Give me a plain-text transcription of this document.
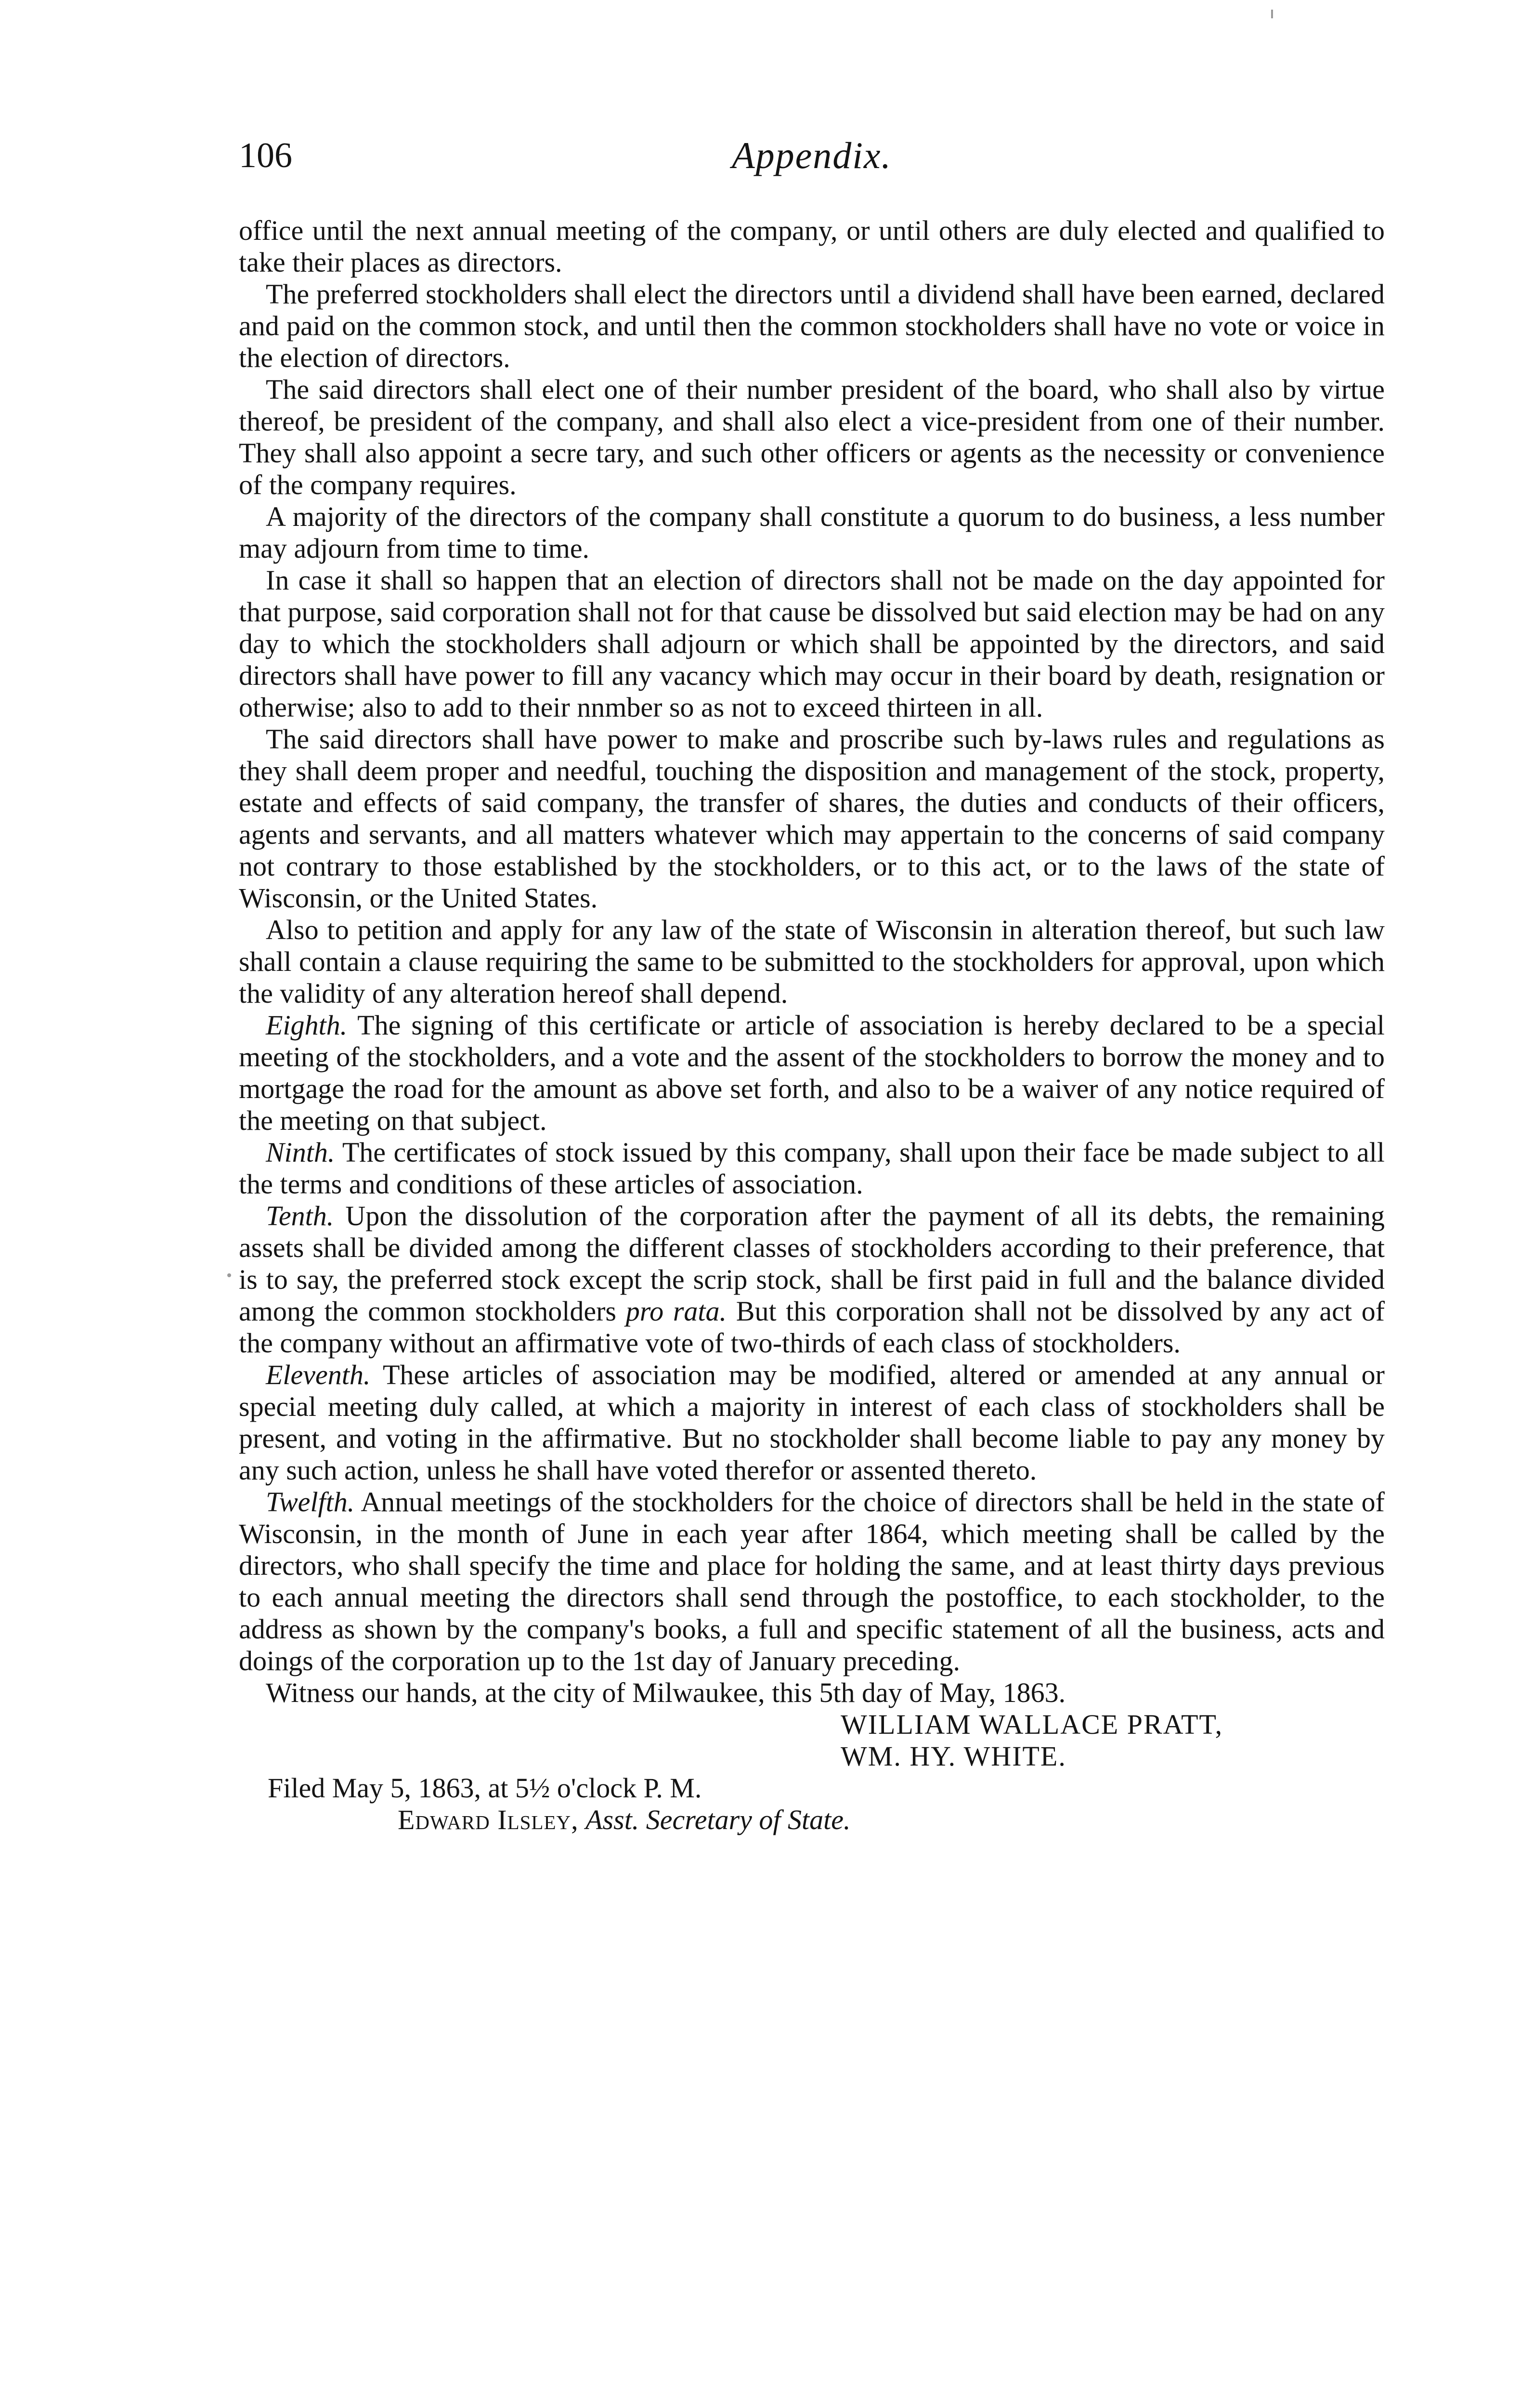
106	Appendix.

office until the next annual meeting of the company, or until others are duly elected and qualified to take their places as directors.

The preferred stockholders shall elect the directors until a dividend shall have been earned, declared and paid on the common stock, and until then the common stockholders shall have no vote or voice in the election of directors.

The said directors shall elect one of their number president of the board, who shall also by virtue thereof, be president of the company, and shall also elect a vice-president from one of their number. They shall also appoint a secre tary, and such other officers or agents as the necessity or convenience of the company requires.

A majority of the directors of the company shall constitute a quorum to do business, a less number may adjourn from time to time.

In case it shall so happen that an election of directors shall not be made on the day appointed for that purpose, said corporation shall not for that cause be dissolved but said election may be had on any day to which the stockholders shall adjourn or which shall be appointed by the directors, and said directors shall have power to fill any vacancy which may occur in their board by death, resignation or otherwise; also to add to their nnmber so as not to exceed thirteen in all.

The said directors shall have power to make and proscribe such by-laws rules and regulations as they shall deem proper and needful, touching the disposition and management of the stock, property, estate and effects of said company, the transfer of shares, the duties and conducts of their officers, agents and servants, and all matters whatever which may appertain to the concerns of said company not contrary to those established by the stockholders, or to this act, or to the laws of the state of Wisconsin, or the United States.

Also to petition and apply for any law of the state of Wisconsin in alteration thereof, but such law shall contain a clause requiring the same to be submitted to the stockholders for approval, upon which the validity of any alteration hereof shall depend.

Eighth. The signing of this certificate or article of association is hereby declared to be a special meeting of the stockholders, and a vote and the assent of the stockholders to borrow the money and to mortgage the road for the amount as above set forth, and also to be a waiver of any notice required of the meeting on that subject.

Ninth. The certificates of stock issued by this company, shall upon their face be made subject to all the terms and conditions of these articles of association.

Tenth. Upon the dissolution of the corporation after the payment of all its debts, the remaining assets shall be divided among the different classes of stockholders according to their preference, that is to say, the preferred stock except the scrip stock, shall be first paid in full and the balance divided among the common stockholders pro rata. But this corporation shall not be dissolved by any act of the company without an affirmative vote of two-thirds of each class of stockholders.

Eleventh. These articles of association may be modified, altered or amended at any annual or special meeting duly called, at which a majority in interest of each class of stockholders shall be present, and voting in the affirmative. But no stockholder shall become liable to pay any money by any such action, unless he shall have voted therefor or assented thereto.

Twelfth. Annual meetings of the stockholders for the choice of directors shall be held in the state of Wisconsin, in the month of June in each year after 1864, which meeting shall be called by the directors, who shall specify the time and place for holding the same, and at least thirty days previous to each annual meeting the directors shall send through the postoffice, to each stockholder, to the address as shown by the company's books, a full and specific statement of all the business, acts and doings of the corporation up to the 1st day of January preceding.

Witness our hands, at the city of Milwaukee, this 5th day of May, 1863.

WILLIAM WALLACE PRATT,
WM. HY. WHITE.

Filed May 5, 1863, at 5½ o'clock P. M.

Edward Ilsley, Asst. Secretary of State.
